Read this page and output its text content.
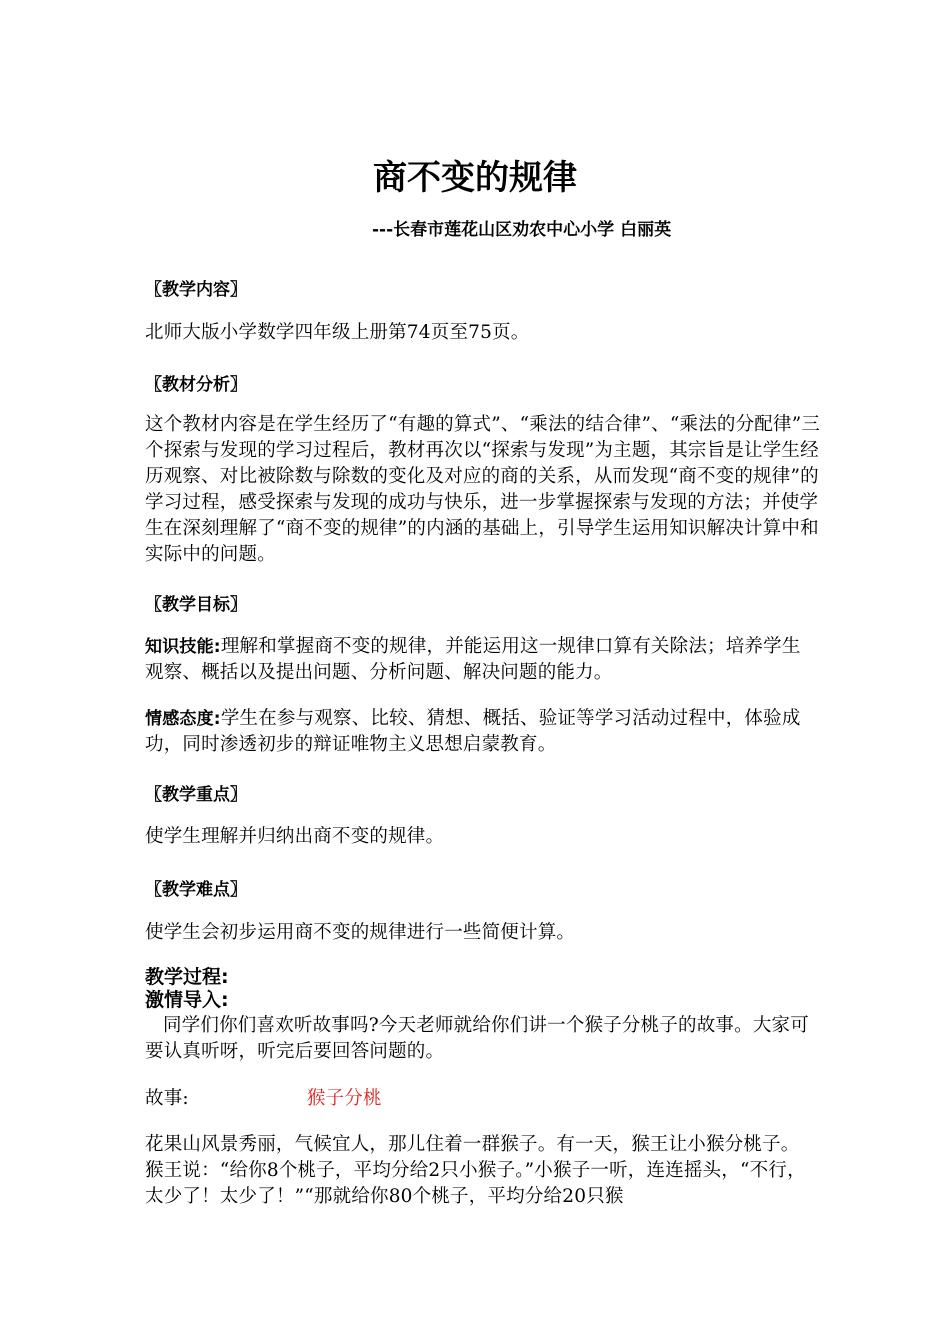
商不变的规律
---长春市莲花山区劝农中心小学 白丽英
〖教学内容〗
北师大版小学数学四年级上册第74页至75页。
〖教材分析〗
这个教材内容是在学生经历了“有趣的算式”、“乘法的结合律”、“乘法的分配律”三个探索与发现的学习过程后，教材再次以“探索与发现”为主题，其宗旨是让学生经历观察、对比被除数与除数的变化及对应的商的关系，从而发现“商不变的规律”的学习过程，感受探索与发现的成功与快乐，进一步掌握探索与发现的方法；并使学生在深刻理解了“商不变的规律”的内涵的基础上，引导学生运用知识解决计算中和实际中的问题。
〖教学目标〗
知识技能:理解和掌握商不变的规律，并能运用这一规律口算有关除法；培养学生观察、概括以及提出问题、分析问题、解决问题的能力。
情感态度:学生在参与观察、比较、猜想、概括、验证等学习活动过程中，体验成功，同时渗透初步的辩证唯物主义思想启蒙教育。
〖教学重点〗
使学生理解并归纳出商不变的规律。
〖教学难点〗
使学生会初步运用商不变的规律进行一些简便计算。
教学过程:
激情导入:
同学们你们喜欢听故事吗?今天老师就给你们讲一个猴子分桃子的故事。大家可要认真听呀，听完后要回答问题的。
故事:	猴子分桃
花果山风景秀丽，气候宜人，那儿住着一群猴子。有一天，猴王让小猴分桃子。猴王说：“给你8个桃子，平均分给2只小猴子。”小猴子一听，连连摇头，“不行，太少了！太少了！”“那就给你80个桃子，平均分给20只猴
